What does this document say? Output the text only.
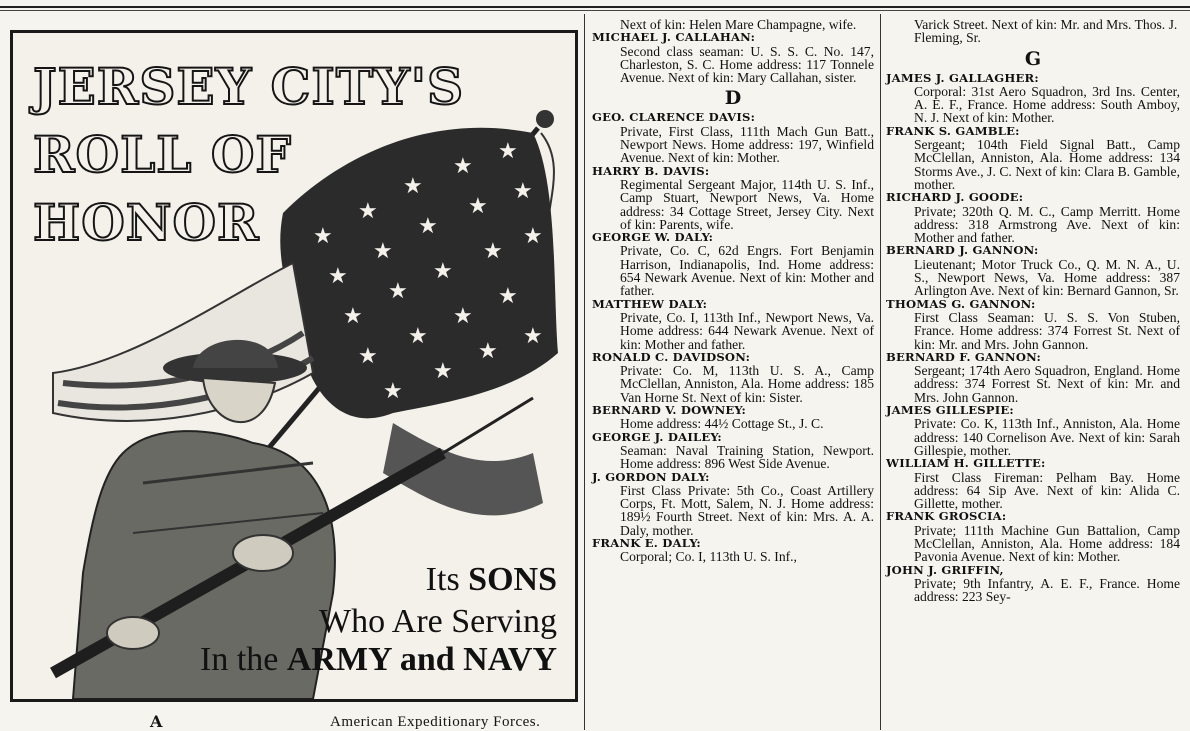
★
★
★
★
★
★
★
★
★
★
★
★
★
★
★
★
★
★
★
★
★
★
★
JERSEY CITY'S
ROLL OF
HONOR
Its SONS
Who Are Serving
In the ARMY and NAVY
A	American Expeditionary Forces.
Next of kin: Helen Mare Champagne, wife.
MICHAEL J. CALLAHAN:
Second class seaman: U. S. S. C. No. 147, Charleston, S. C. Home address: 117 Tonnele Avenue. Next of kin: Mary Callahan, sister.
D
GEO. CLARENCE DAVIS:
Private, First Class, 111th Mach Gun Batt., Newport News. Home address: 197, Winfield Avenue. Next of kin: Mother.
HARRY B. DAVIS:
Regimental Sergeant Major, 114th U. S. Inf., Camp Stuart, Newport News, Va. Home address: 34 Cottage Street, Jersey City. Next of kin: Parents, wife.
GEORGE W. DALY:
Private, Co. C, 62d Engrs. Fort Benjamin Harrison, Indianapolis, Ind. Home address: 654 Newark Avenue. Next of kin: Mother and father.
MATTHEW DALY:
Private, Co. I, 113th Inf., Newport News, Va. Home address: 644 Newark Avenue. Next of kin: Mother and father.
RONALD C. DAVIDSON:
Private: Co. M, 113th U. S. A., Camp McClellan, Anniston, Ala. Home address: 185 Van Horne St. Next of kin: Sister.
BERNARD V. DOWNEY:
Home address: 44½ Cottage St., J. C.
GEORGE J. DAILEY:
Seaman: Naval Training Station, Newport. Home address: 896 West Side Avenue.
J. GORDON DALY:
First Class Private: 5th Co., Coast Artillery Corps, Ft. Mott, Salem, N. J. Home address: 189½ Fourth Street. Next of kin: Mrs. A. A. Daly, mother.
FRANK E. DALY:
Corporal; Co. I, 113th U. S. Inf.,
Varick Street. Next of kin: Mr. and Mrs. Thos. J. Fleming, Sr.
G
JAMES J. GALLAGHER:
Corporal: 31st Aero Squadron, 3rd Ins. Center, A. E. F., France. Home address: South Amboy, N. J. Next of kin: Mother.
FRANK S. GAMBLE:
Sergeant; 104th Field Signal Batt., Camp McClellan, Anniston, Ala. Home address: 134 Storms Ave., J. C. Next of kin: Clara B. Gamble, mother.
RICHARD J. GOODE:
Private; 320th Q. M. C., Camp Merritt. Home address: 318 Armstrong Ave. Next of kin: Mother and father.
BERNARD J. GANNON:
Lieutenant; Motor Truck Co., Q. M. N. A., U. S., Newport News, Va. Home address: 387 Arlington Ave. Next of kin: Bernard Gannon, Sr.
THOMAS G. GANNON:
First Class Seaman: U. S. S. Von Stuben, France. Home address: 374 Forrest St. Next of kin: Mr. and Mrs. John Gannon.
BERNARD F. GANNON:
Sergeant; 174th Aero Squadron, England. Home address: 374 Forrest St. Next of kin: Mr. and Mrs. John Gannon.
JAMES GILLESPIE:
Private: Co. K, 113th Inf., Anniston, Ala. Home address: 140 Cornelison Ave. Next of kin: Sarah Gillespie, mother.
WILLIAM H. GILLETTE:
First Class Fireman: Pelham Bay. Home address: 64 Sip Ave. Next of kin: Alida C. Gillette, mother.
FRANK GROSCIA:
Private; 111th Machine Gun Battalion, Camp McClellan, Anniston, Ala. Home address: 184 Pavonia Avenue. Next of kin: Mother.
JOHN J. GRIFFIN,
Private; 9th Infantry, A. E. F., France. Home address: 223 Sey-
